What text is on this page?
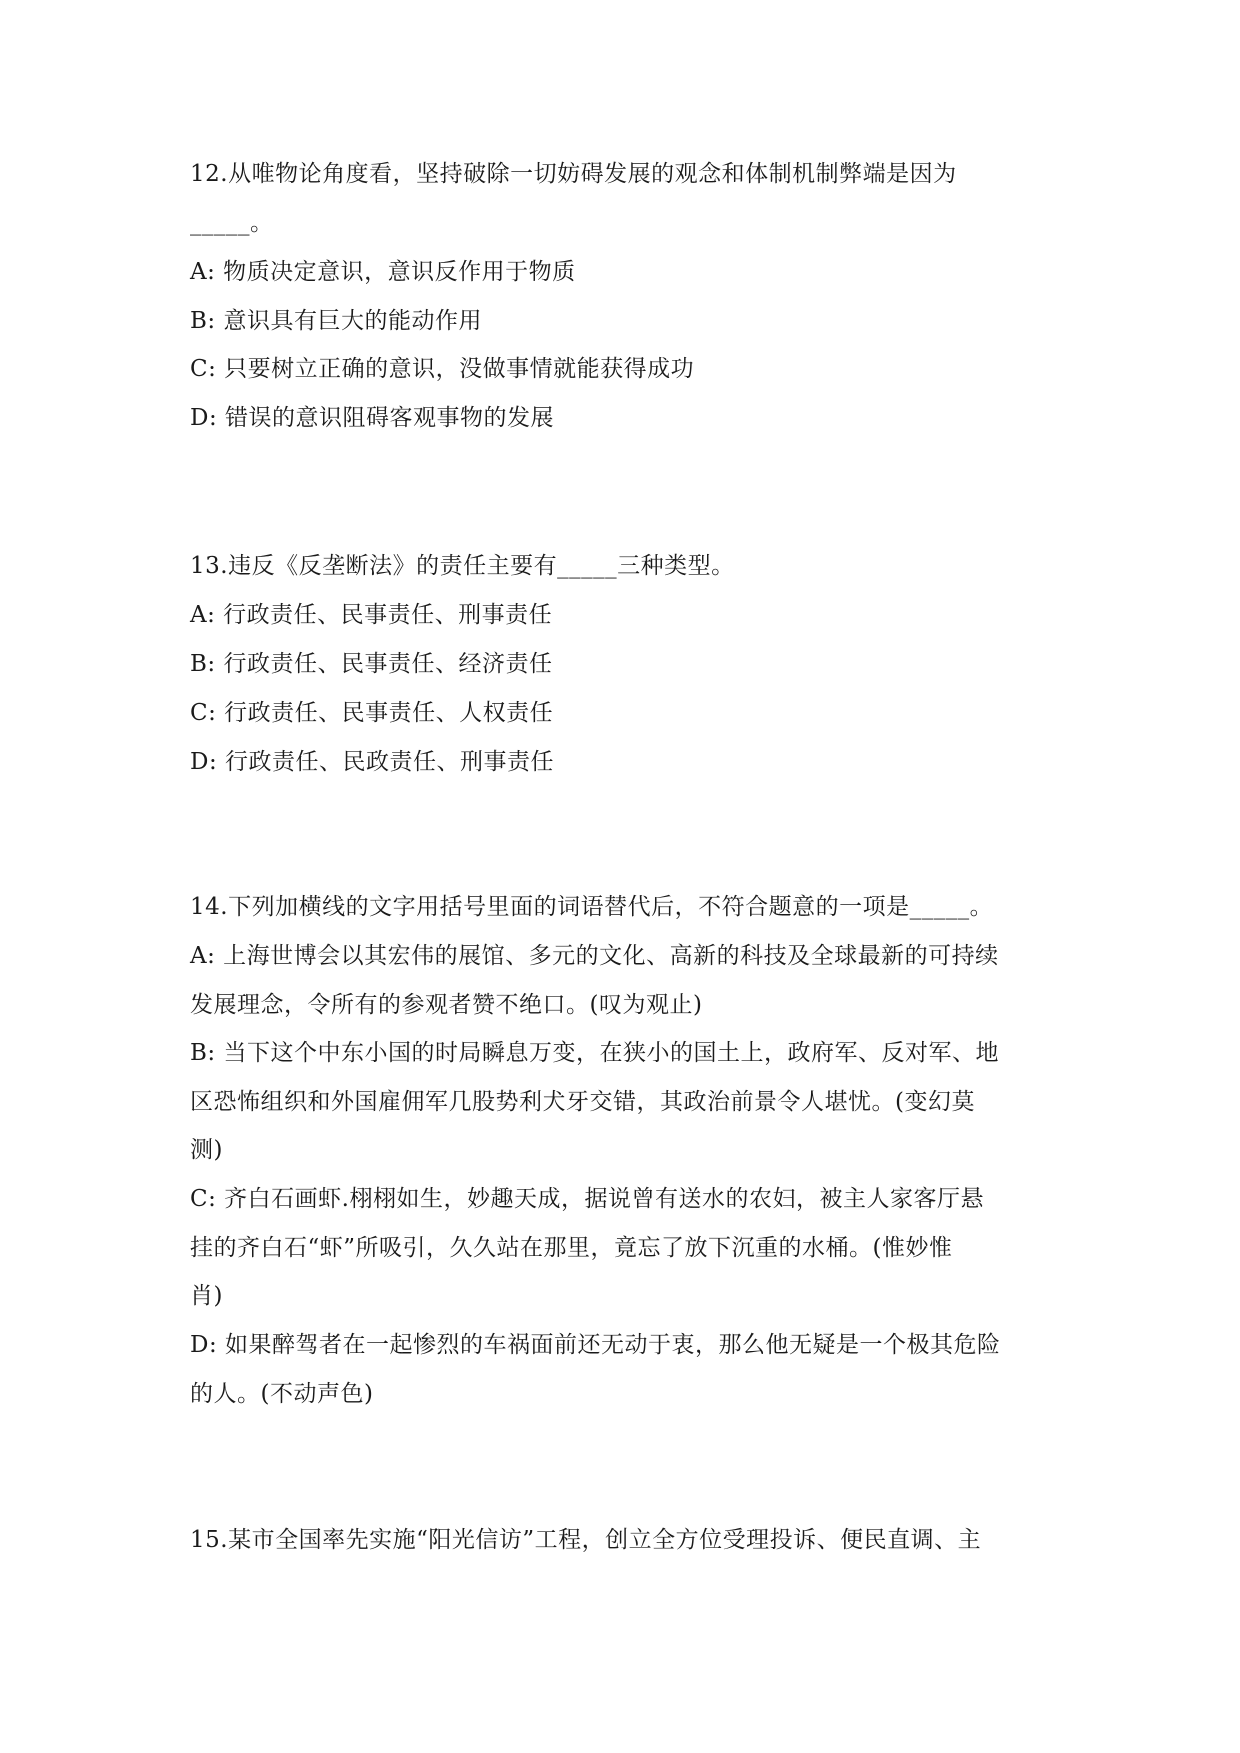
12.从唯物论角度看，坚持破除一切妨碍发展的观念和体制机制弊端是因为
_____。
A: 物质决定意识，意识反作用于物质
B: 意识具有巨大的能动作用
C: 只要树立正确的意识，没做事情就能获得成功
D: 错误的意识阻碍客观事物的发展
13.违反《反垄断法》的责任主要有_____三种类型。
A: 行政责任、民事责任、刑事责任
B: 行政责任、民事责任、经济责任
C: 行政责任、民事责任、人权责任
D: 行政责任、民政责任、刑事责任
14.下列加横线的文字用括号里面的词语替代后，不符合题意的一项是_____。
A: 上海世博会以其宏伟的展馆、多元的文化、高新的科技及全球最新的可持续
发展理念，令所有的参观者赞不绝口。(叹为观止)
B: 当下这个中东小国的时局瞬息万变，在狭小的国土上，政府军、反对军、地
区恐怖组织和外国雇佣军几股势利犬牙交错，其政治前景令人堪忧。(变幻莫
测)
C: 齐白石画虾.栩栩如生，妙趣天成，据说曾有送水的农妇，被主人家客厅悬
挂的齐白石“虾”所吸引，久久站在那里，竟忘了放下沉重的水桶。(惟妙惟
肖)
D: 如果醉驾者在一起惨烈的车祸面前还无动于衷，那么他无疑是一个极其危险
的人。(不动声色)
15.某市全国率先实施“阳光信访”工程，创立全方位受理投诉、便民直调、主
